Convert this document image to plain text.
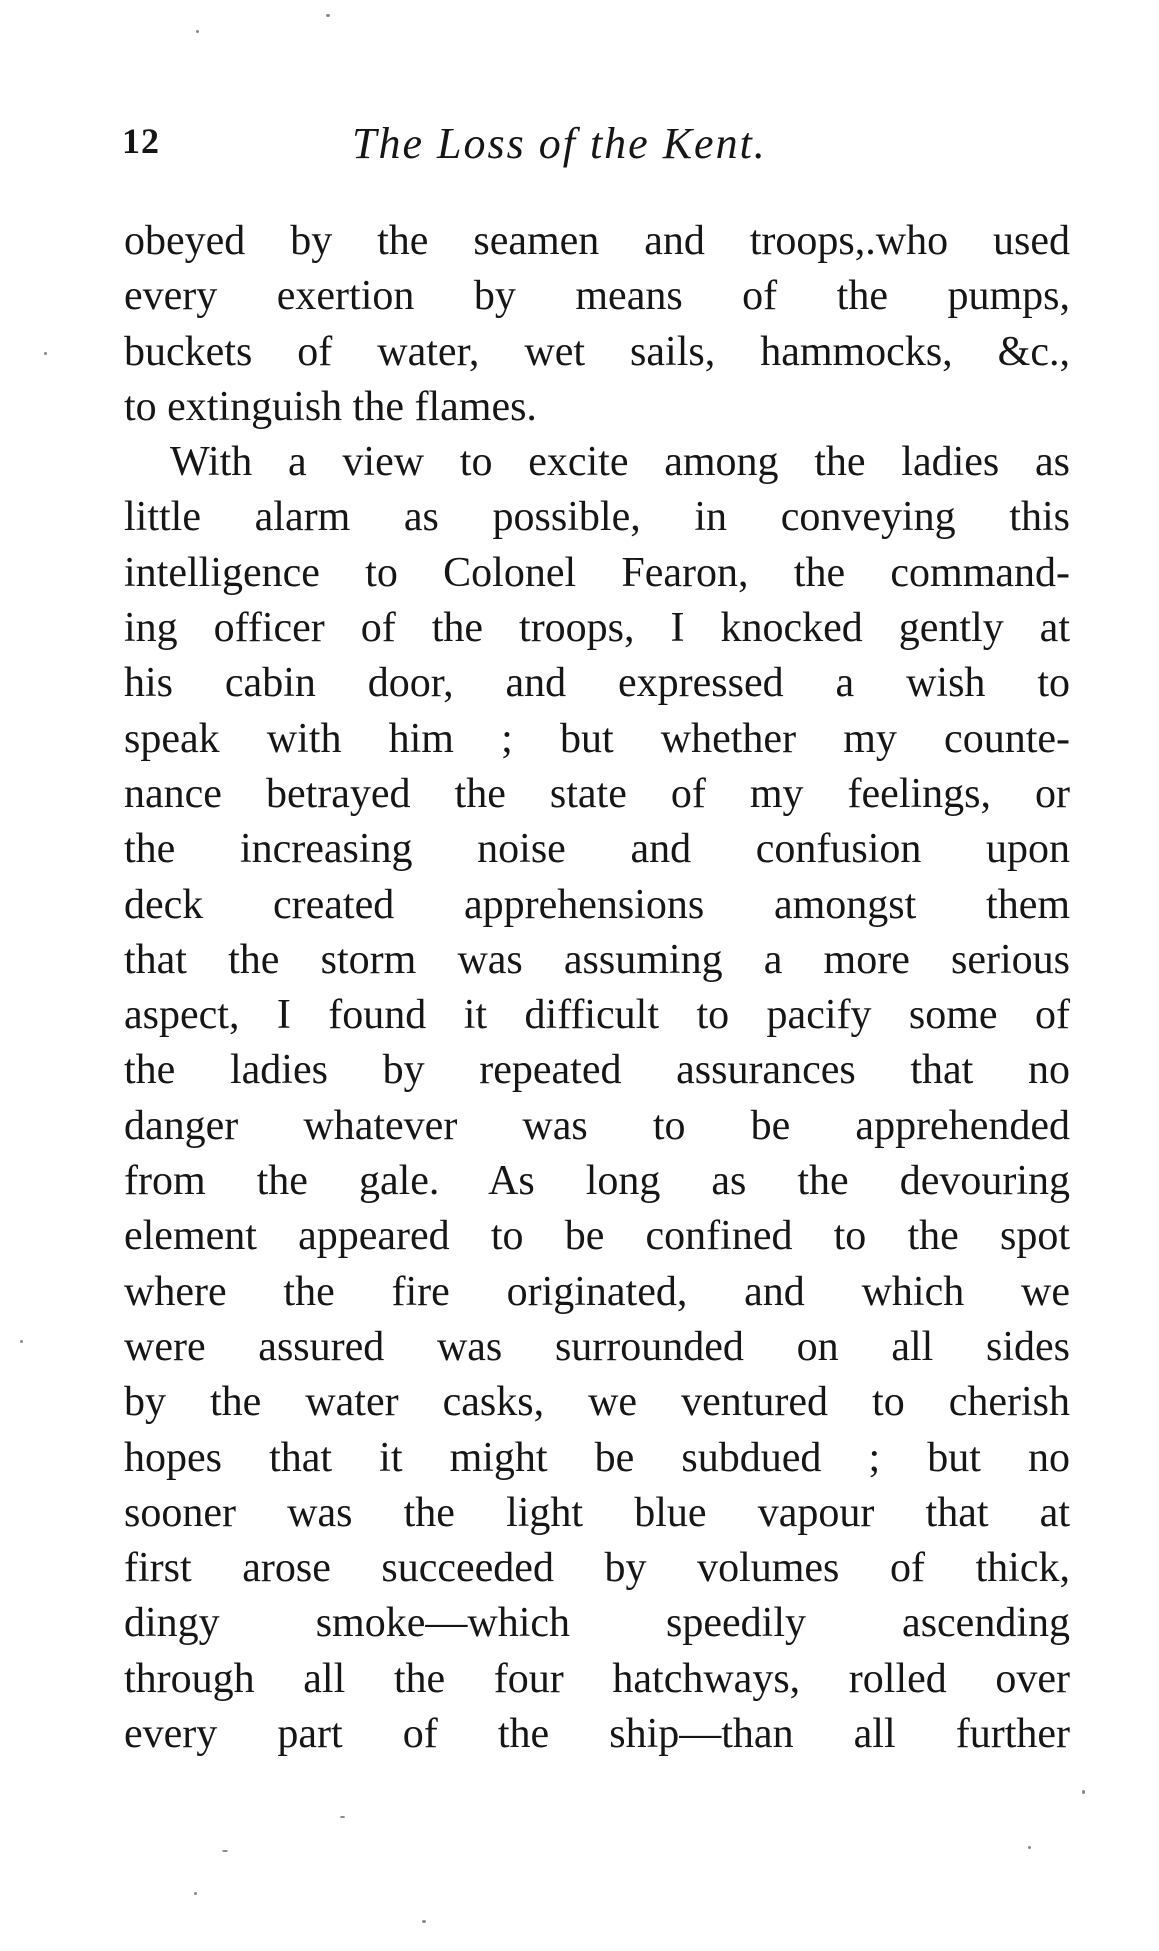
12	The Loss of the Kent.
obeyed by the seamen and troops,.who used
every exertion by means of the pumps,
buckets of water, wet sails, hammocks, &c.,
to extinguish the flames.
With a view to excite among the ladies as
little alarm as possible, in conveying this
intelligence to Colonel Fearon, the command-
ing officer of the troops, I knocked gently at
his cabin door, and expressed a wish to
speak with him ; but whether my counte-
nance betrayed the state of my feelings, or
the increasing noise and confusion upon
deck created apprehensions amongst them
that the storm was assuming a more serious
aspect, I found it difficult to pacify some of
the ladies by repeated assurances that no
danger whatever was to be apprehended
from the gale. As long as the devouring
element appeared to be confined to the spot
where the fire originated, and which we
were assured was surrounded on all sides
by the water casks, we ventured to cherish
hopes that it might be subdued ; but no
sooner was the light blue vapour that at
first arose succeeded by volumes of thick,
dingy smoke—which speedily ascending
through all the four hatchways, rolled over
every part of the ship—than all further
